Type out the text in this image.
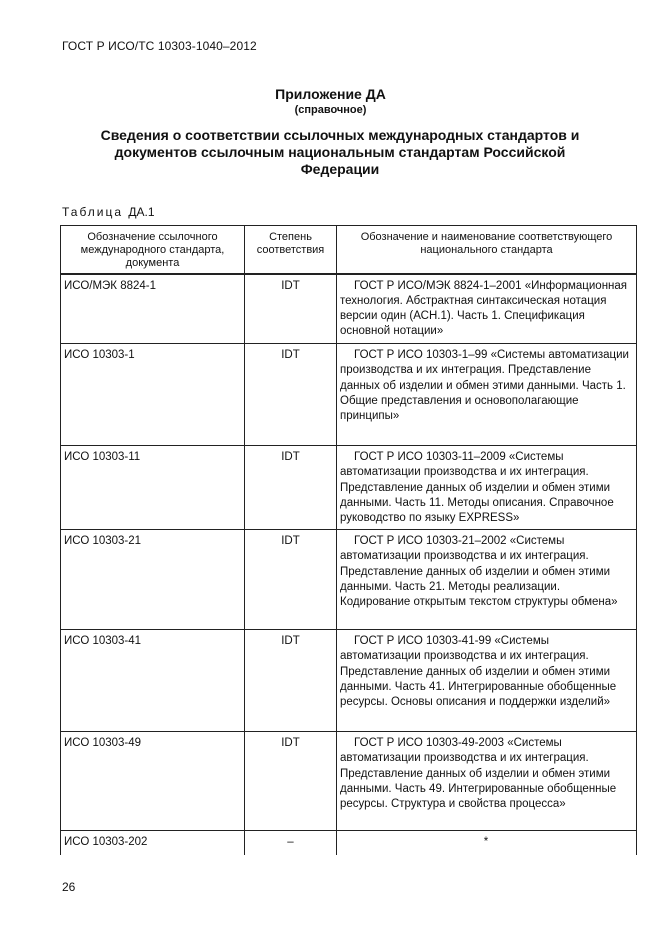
ГОСТ Р ИСО/ТС 10303-1040–2012
Приложение ДА
(справочное)
Сведения о соответствии ссылочных международных стандартов и документов ссылочным национальным стандартам Российской Федерации
Таблица ДА.1
Обозначение ссылочного международного стандарта, документа	Степень соответствия	Обозначение и наименование соответствующего национального стандарта
ИСО/МЭК 8824-1	IDT	ГОСТ Р ИСО/МЭК 8824-1–2001 «Информационная технология. Абстрактная синтаксическая нотация версии один (АСН.1). Часть 1. Спецификация основной нотации»

ИСО 10303-1	IDT	ГОСТ Р ИСО 10303-1–99 «Системы автоматизации производства и их интеграция. Представление данных об изделии и обмен этими данными. Часть 1. Общие представления и основополагающие принципы»

ИСО 10303-11	IDT	ГОСТ Р ИСО 10303-11–2009 «Системы автоматизации производства и их интеграция. Представление данных об изделии и обмен этими данными. Часть 11. Методы описания. Справочное руководство по языку EXPRESS»

ИСО 10303-21	IDT	ГОСТ Р ИСО 10303-21–2002 «Системы автоматизации производства и их интеграция. Представление данных об изделии и обмен этими данными. Часть 21. Методы реализации. Кодирование открытым текстом структуры обмена»

ИСО 10303-41	IDT	ГОСТ Р ИСО 10303-41-99 «Системы автоматизации производства и их интеграция. Представление данных об изделии и обмен этими данными. Часть 41. Интегрированные обобщенные ресурсы. Основы описания и поддержки изделий»

ИСО 10303-49	IDT	ГОСТ Р ИСО 10303-49-2003 «Системы автоматизации производства и их интеграция. Представление данных об изделии и обмен этими данными. Часть 49. Интегрированные обобщенные ресурсы. Структура и свойства процесса»

ИСО 10303-202	–	*
26
